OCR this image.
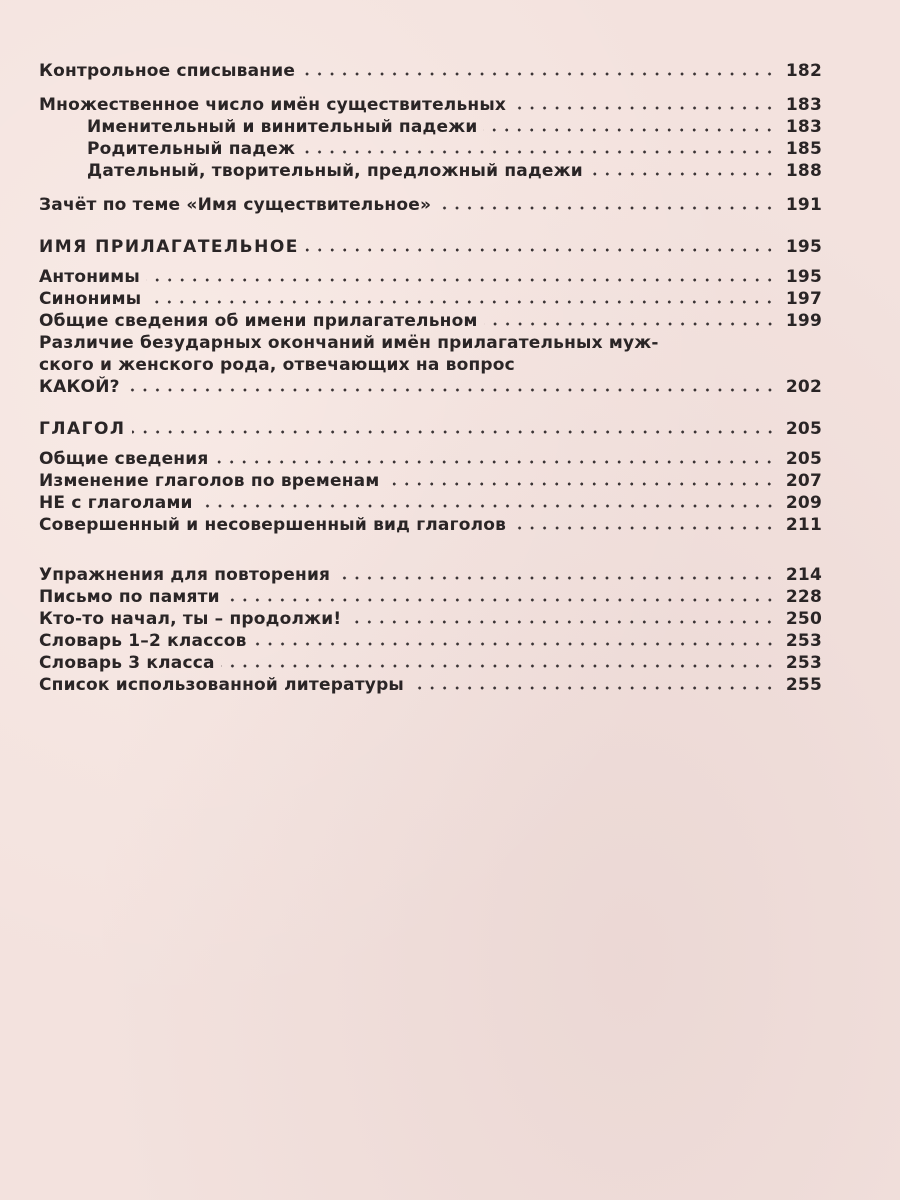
Контрольное списывание	182
Множественное число имён существительных	183
Именительный и винительный падежи	183
Родительный падеж	185
Дательный, творительный, предложный падежи	188
Зачёт по теме «Имя существительное»	191
ИМЯ ПРИЛАГАТЕЛЬНОЕ	195
Антонимы	195
Синонимы	197
Общие сведения об имени прилагательном	199
Различие безударных окончаний имён прилагательных муж-
ского и женского рода, отвечающих на вопрос
КАКОЙ?	202
ГЛАГОЛ	205
Общие сведения	205
Изменение глаголов по временам	207
НЕ с глаголами	209
Совершенный и несовершенный вид глаголов	211
Упражнения для повторения	214
Письмо по памяти	228
Кто-то начал, ты – продолжи!	250
Словарь 1–2 классов	253
Словарь 3 класса	253
Список использованной литературы	255
